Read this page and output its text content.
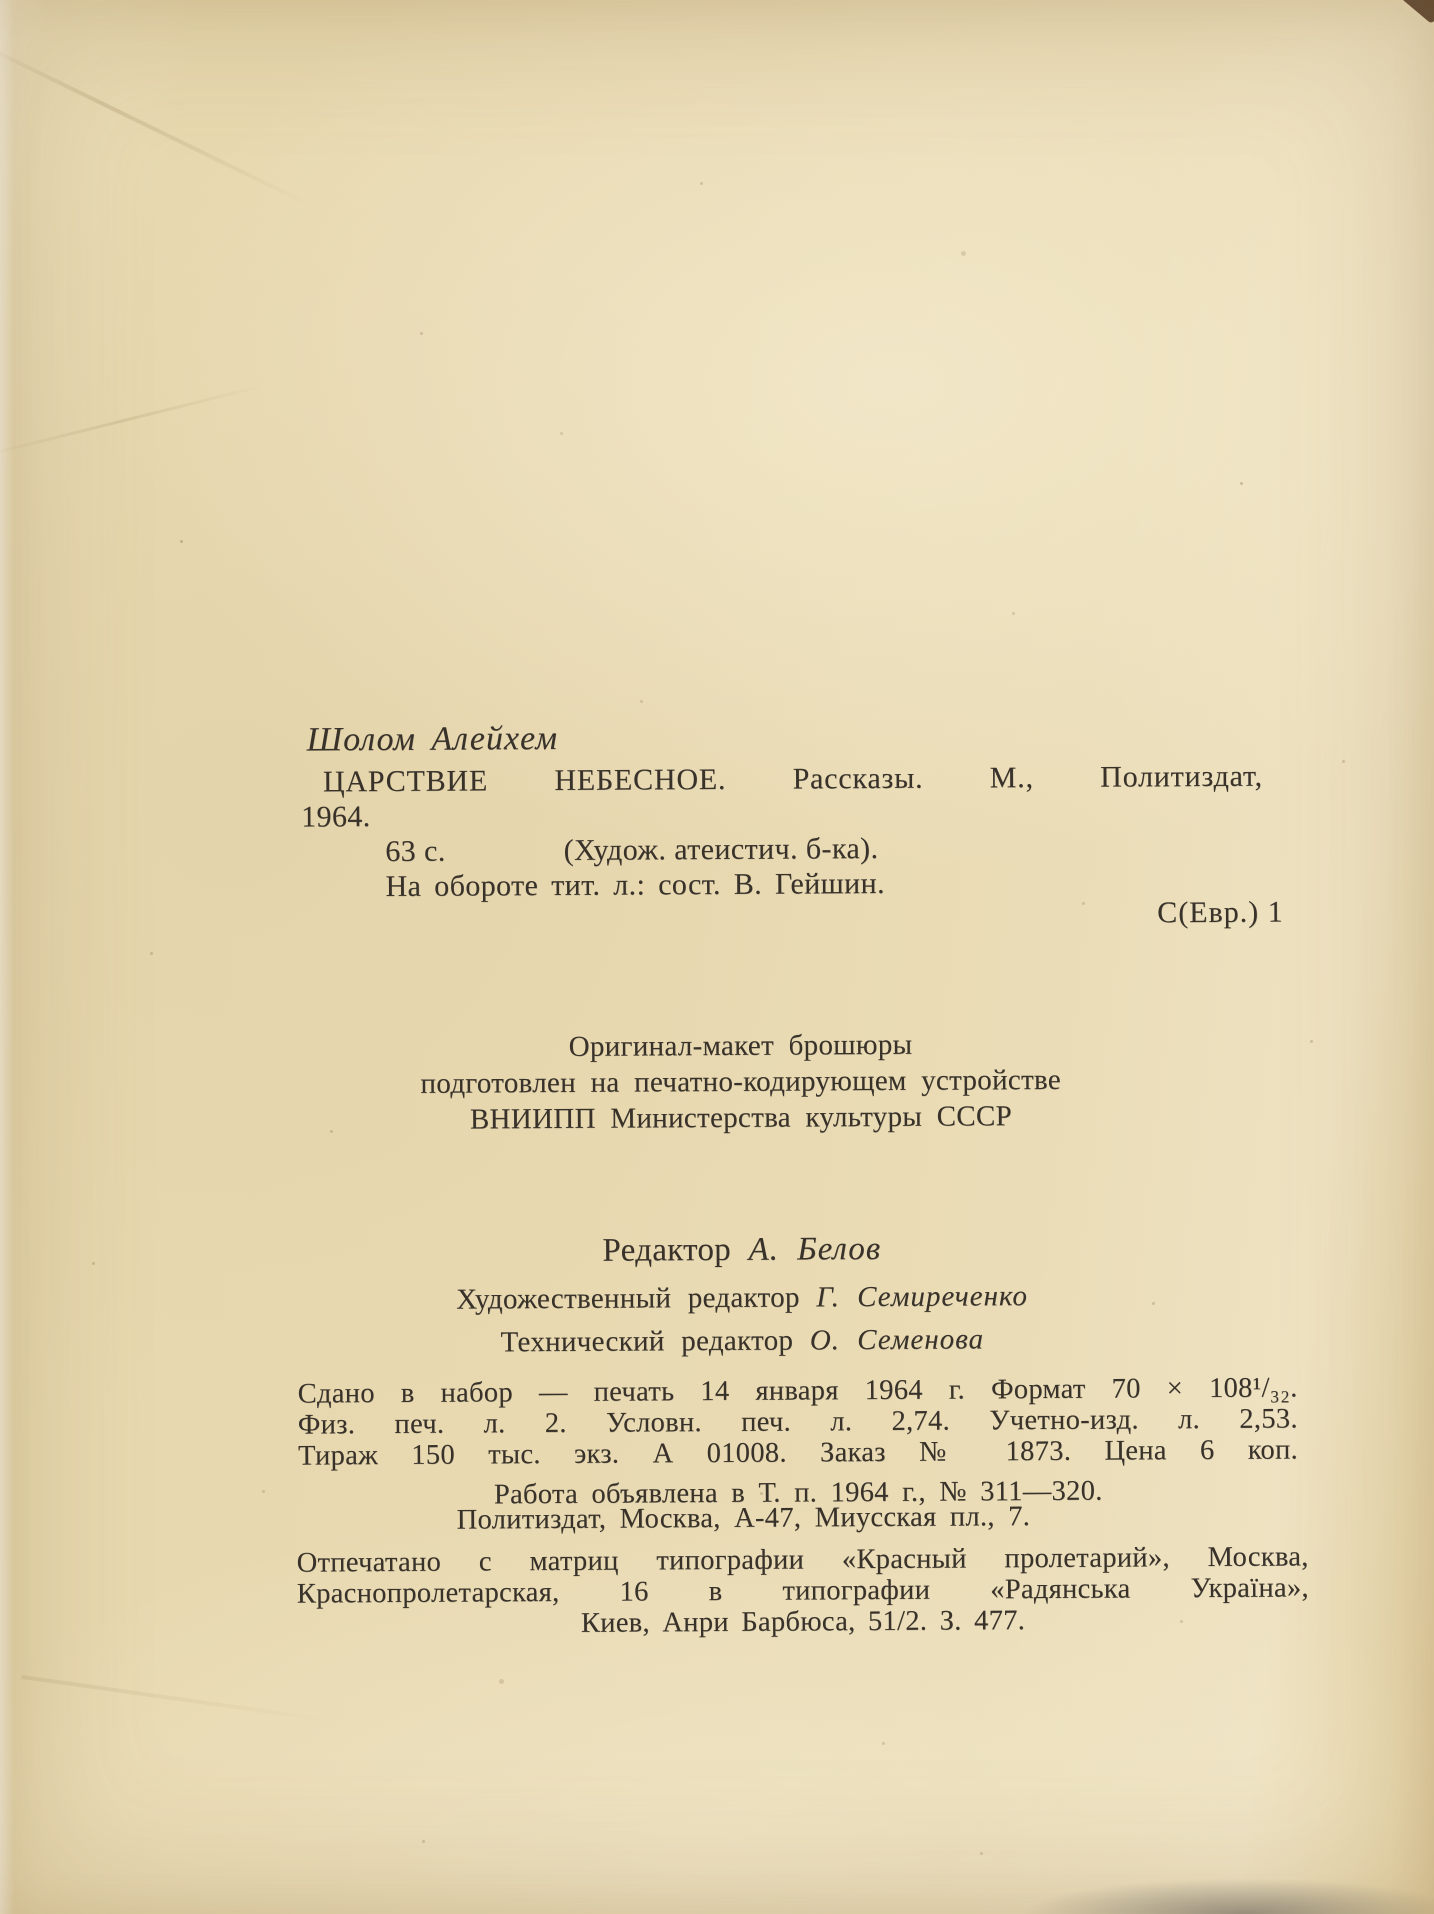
Шолом Алейхем
ЦАРСТВИЕ НЕБЕСНОЕ. Рассказы. М., Политиздат,
1964.
63 с.	(Худож. атеистич. б-ка).
На обороте тит. л.: сост. В. Гейшин.
С(Евр.) 1
Оригинал-макет брошюры
подготовлен на печатно-кодирующем устройстве
ВНИИПП Министерства культуры СССР
Редактор А. Белов
Художественный редактор Г. Семиреченко
Технический редактор О. Семенова
Сдано в набор — печать 14 января 1964 г. Формат 70 × 108¹/₃₂.
Физ. печ. л. 2. Условн. печ. л. 2,74. Учетно-изд. л. 2,53.
Тираж 150 тыс. экз. А 01008. Заказ № 1873. Цена 6 коп.
Работа объявлена в Т. п. 1964 г., № 311—320.
Политиздат, Москва, А-47, Миусская пл., 7.
Отпечатано с матриц типографии «Красный пролетарий», Москва,
Краснопролетарская, 16 в типографии «Радянська Україна»,
Киев, Анри Барбюса, 51/2. З. 477.
